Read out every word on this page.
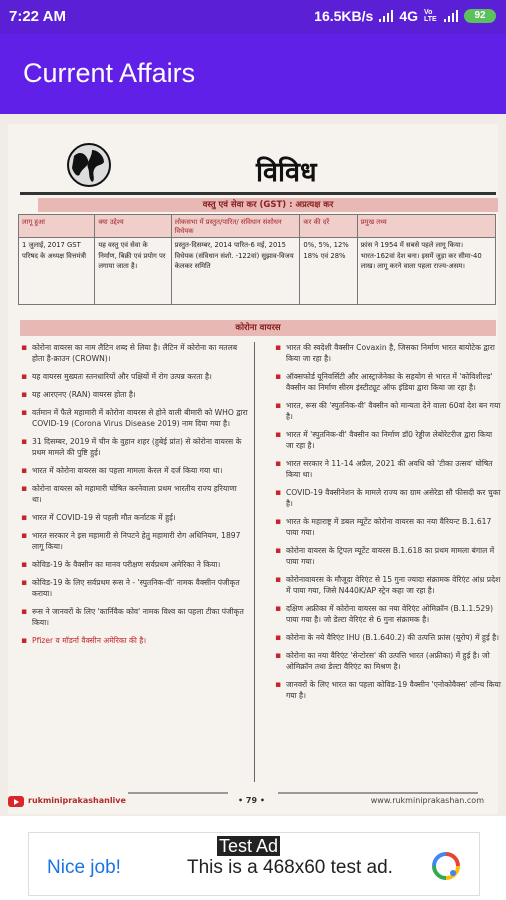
7:22 AM	16.5KB/s 4G Vo LTE	92
Current Affairs
विविध
वस्तु एवं सेवा कर (GST) : अप्रत्यक्ष कर
लागू हुआ	क्या उद्देश्य	लोकसभा में प्रस्तुत/पारित/ संविधान संशोधन विधेयक	कर की दरें	प्रमुख तथ्य
1 जुलाई, 2017 GST परिषद के अध्यक्ष वित्तमंत्री	यह वस्तु एवं सेवा के निर्माण, बिक्री एवं प्रयोग पर लगाया जाता है।	प्रस्तुत-दिसम्बर, 2014 पारित-6 मई, 2015 विधेयक (संविधान संशो. -122वां) सुझाव-विजय केलकर समिति	0%, 5%, 12% 18% एवं 28%	फ्रांस ने 1954 में सबसे पहले लागू किया। भारत-162वां देश बना। इसमें जुड़ा कर सीमा-40 लाख। लागू करने वाला पहला राज्य-असम।
कोरोना वायरस
▪ कोरोना वायरस का नाम लैटिन शब्द से लिया है। लैटिन में कोरोना का मतलब होता है-क्राउन (CROWN)।
▪ यह वायरस मुख्यतः स्तनधारियों और पक्षियों में रोग उत्पन्न करता है।
▪ यह आरएनए (RAN) वायरस होता है।
▪ वर्तमान में फैले महामारी में कोरोना वायरस से होने वाली बीमारी को WHO द्वारा COVID-19 (Corona Virus Disease 2019) नाम दिया गया है।
▪ 31 दिसम्बर, 2019 में चीन के वुहान शहर (हुबेई प्रांत) से कोरोना वायरस के प्रथम मामले की पुष्टि हुई।
▪ भारत में कोरोना वायरस का पहला मामला केरल में दर्ज किया गया था।
▪ कोरोना वायरस को महामारी घोषित करनेवाला प्रथम भारतीय राज्य हरियाणा था।
▪ भारत में COVID-19 से पहली मौत कर्नाटक में हुई।
▪ भारत सरकार ने इस महामारी से निपटने हेतु महामारी रोग अधिनियम, 1897 लागू किया।
▪ कोविड-19 के वैक्सीन का मानव परीक्षण सर्वप्रथम अमेरिका ने किया।
▪ कोविड-19 के लिए सर्वप्रथम रूस ने - 'स्पुतनिक-वी' नामक वैक्सीन पंजीकृत कराया।
▪ रूस ने जानवरों के लिए 'कार्निवैक कोव' नामक विश्व का पहला टीका पंजीकृत किया।
▪ Pfizer व मॉडर्ना वैक्सीन अमेरिका की है।
▪ भारत की स्वदेशी वैक्सीन Covaxin है, जिसका निर्माण भारत बायोटेक द्वारा किया जा रहा है।
▪ ऑक्सफोर्ड यूनिवर्सिटी और आस्ट्राजेनेका के सहयोग से भारत में 'कोविशील्ड' वैक्सीन का निर्माण सीरम इंस्टीट्यूट ऑफ इंडिया द्वारा किया जा रहा है।
▪ भारत, रूस की 'स्पुतनिक-वी' वैक्सीन को मान्यता देने वाला 60वां देश बन गया है।
▪ भारत में 'स्पुतनिक-वी' वैक्सीन का निर्माण डॉ0 रेड्डीज लेबोरेटरीज द्वारा किया जा रहा है।
▪ भारत सरकार ने 11-14 अप्रैल, 2021 की अवधि को 'टीका उत्सव' घोषित किया था।
▪ COVID-19 वैक्सीनेशन के मामले राज्य का ग्राम असेरेडा सौ फीसदी कर चुका है।
▪ भारत के महाराष्ट्र में डबल म्यूटेंट कोरोना वायरस का नया वैरियन्ट B.1.617 पाया गया।
▪ कोरोना वायरस के ट्रिपल म्यूटेंट वायरस B.1.618 का प्रथम मामला बंगाल में पाया गया।
▪ कोरोनावायरस के मौजूदा वेरिएंट से 15 गुना ज्यादा संक्रामक वेरिएंट आंध्र प्रदेश में पाया गया, जिसे N440K/AP स्ट्रेन कहा जा रहा है।
▪ दक्षिण अफ्रीका में कोरोना वायरस का नया वेरिएंट ओमिक्रॉन (B.1.1.529) पाया गया है। जो डेल्टा वेरिएंट से 6 गुना संक्रामक है।
▪ कोरोना के नये वैरिएंट IHU (B.1.640.2) की उत्पत्ति फ्रांस (यूरोप) में हुई है।
▪ कोरोना का नया वैरिएंट 'सेन्टोरस' की उत्पत्ति भारत (अफ्रीका) में हुई है। जो ओमिक्रॉन तथा डेल्टा वैरिएंट का मिश्रण है।
▪ जानवरों के लिए भारत का पहला कोविड-19 वैक्सीन 'एनोकोवैक्स' लॉन्च किया गया है।
rukminiprakashanlive	• 79 •	www.rukminiprakashan.com
Nice job!	This is a 468x60 test ad.
Test Ad
